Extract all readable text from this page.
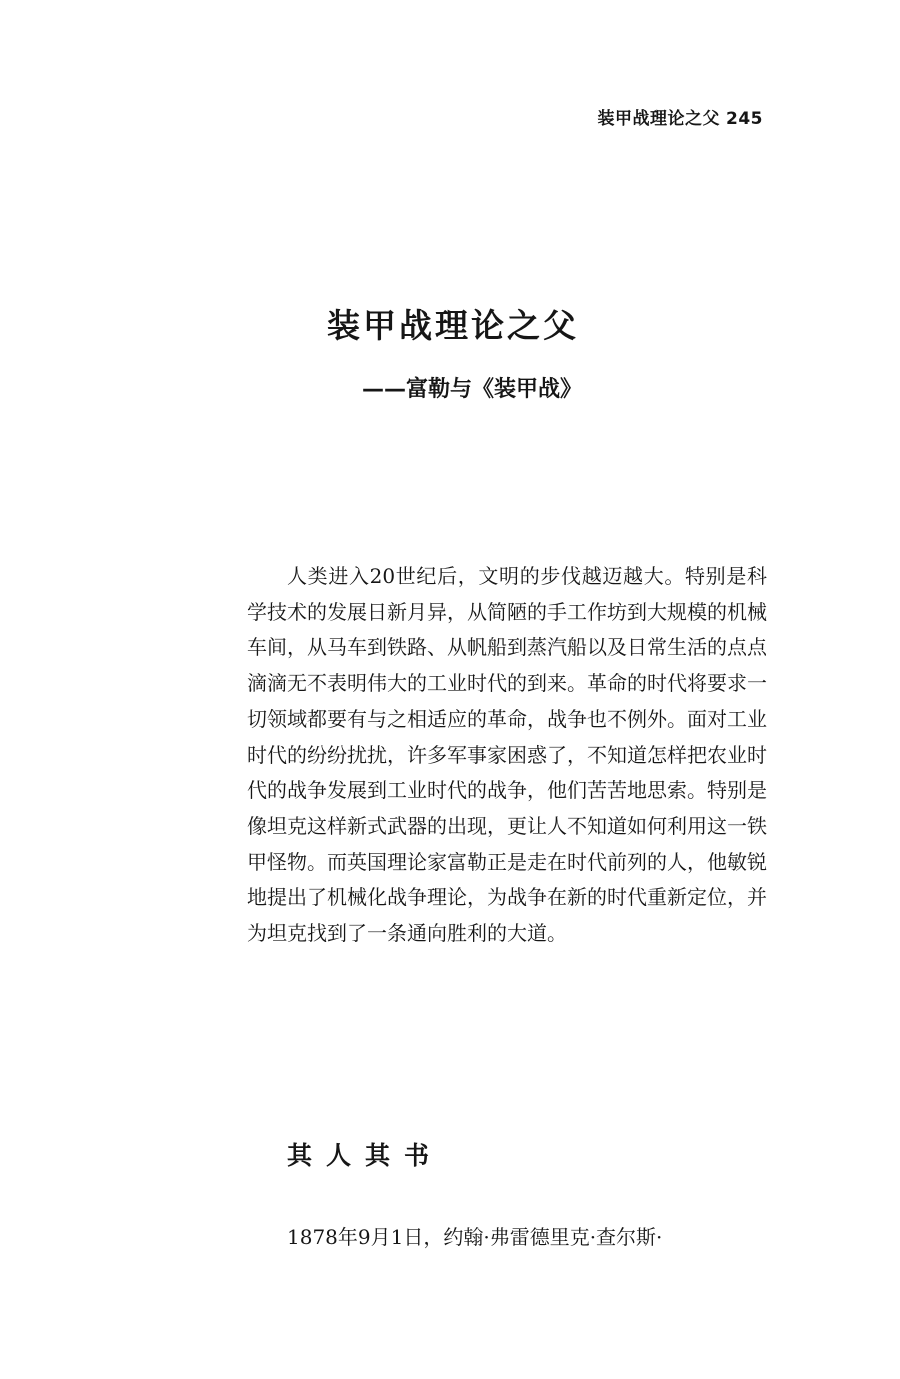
装甲战理论之父 245
装甲战理论之父
——富勒与《装甲战》

人类进入20世纪后，文明的步伐越迈越大。特别是科学技术的发展日新月异，从简陋的手工作坊到大规模的机械车间，从马车到铁路、从帆船到蒸汽船以及日常生活的点点滴滴无不表明伟大的工业时代的到来。革命的时代将要求一切领域都要有与之相适应的革命，战争也不例外。面对工业时代的纷纷扰扰，许多军事家困惑了，不知道怎样把农业时代的战争发展到工业时代的战争，他们苦苦地思索。特别是像坦克这样新式武器的出现，更让人不知道如何利用这一铁甲怪物。而英国理论家富勒正是走在时代前列的人，他敏锐地提出了机械化战争理论，为战争在新的时代重新定位，并为坦克找到了一条通向胜利的大道。

其人其书

1878年9月1日，约翰·弗雷德里克·查尔斯·
